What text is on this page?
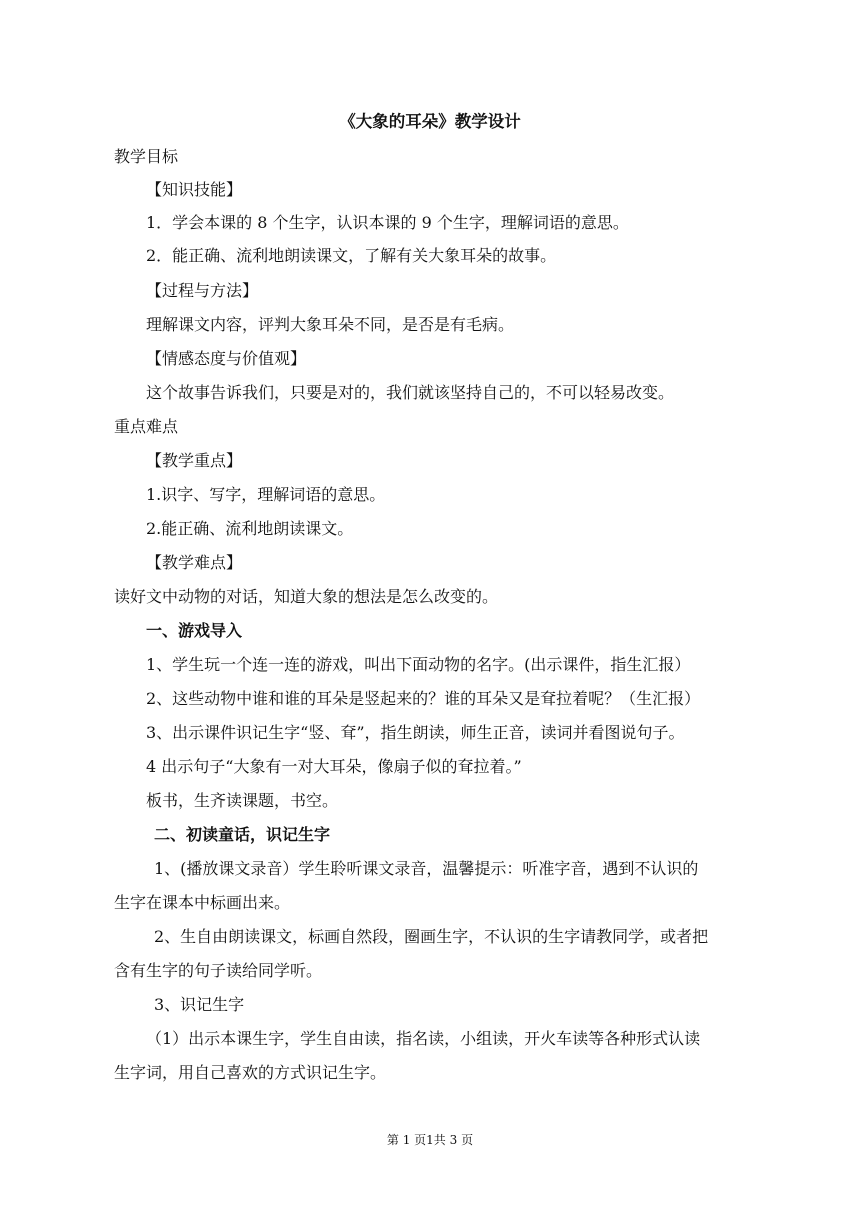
《大象的耳朵》教学设计
教学目标
【知识技能】
1．学会本课的 8 个生字，认识本课的 9 个生字，理解词语的意思。
2．能正确、流利地朗读课文，了解有关大象耳朵的故事。
【过程与方法】
理解课文内容，评判大象耳朵不同，是否是有毛病。
【情感态度与价值观】
这个故事告诉我们，只要是对的，我们就该坚持自己的，不可以轻易改变。
重点难点
【教学重点】
1.识字、写字，理解词语的意思。
2.能正确、流利地朗读课文。
【教学难点】
读好文中动物的对话，知道大象的想法是怎么改变的。
一、游戏导入
1、学生玩一个连一连的游戏，叫出下面动物的名字。(出示课件，指生汇报）
2、这些动物中谁和谁的耳朵是竖起来的？谁的耳朵又是耷拉着呢？（生汇报）
3、出示课件识记生字“竖、耷”，指生朗读，师生正音，读词并看图说句子。
4 出示句子“大象有一对大耳朵，像扇子似的耷拉着。”
板书，生齐读课题，书空。
二、初读童话，识记生字
1、(播放课文录音）学生聆听课文录音，温馨提示：听准字音，遇到不认识的
生字在课本中标画出来。
2、生自由朗读课文，标画自然段，圈画生字，不认识的生字请教同学，或者把
含有生字的句子读给同学听。
3、识记生字
（1）出示本课生字，学生自由读，指名读，小组读，开火车读等各种形式认读
生字词，用自己喜欢的方式识记生字。
第 1 页1共 3 页
